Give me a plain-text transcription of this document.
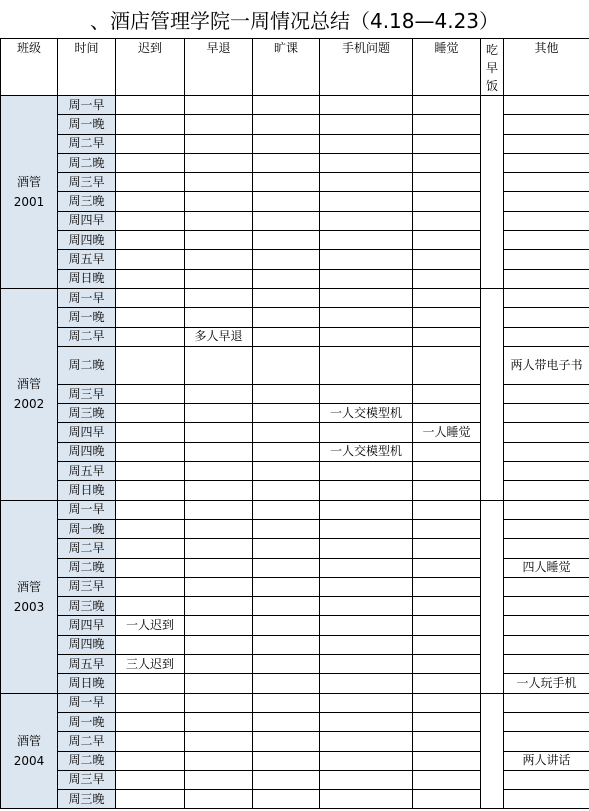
、酒店管理学院一周情况总结（4.18—4.23）
班级	时间	迟到	早退	旷课	手机问题	睡觉	吃早饭	其他

酒管
2001	周一早							
	周一晚							
	周二早							
	周二晚							
	周三早							
	周三晚							
	周四早							
	周四晚							
	周五早							
	周日晚							

酒管
2002	周一早							
	周一晚							
	周二早		多人早退					
	周二晚							两人带电子书
	周三早							
	周三晚				一人交模型机			
	周四早					一人睡觉		
	周四晚				一人交模型机			
	周五早							
	周日晚							

酒管
2003	周一早							
	周一晚							
	周二早							
	周二晚							四人睡觉
	周三早							
	周三晚							
	周四早	一人迟到						
	周四晚							
	周五早	三人迟到						
	周日晚							一人玩手机

酒管
2004	周一早							
	周一晚							
	周二早							
	周二晚							两人讲话
	周三早							
	周三晚							
